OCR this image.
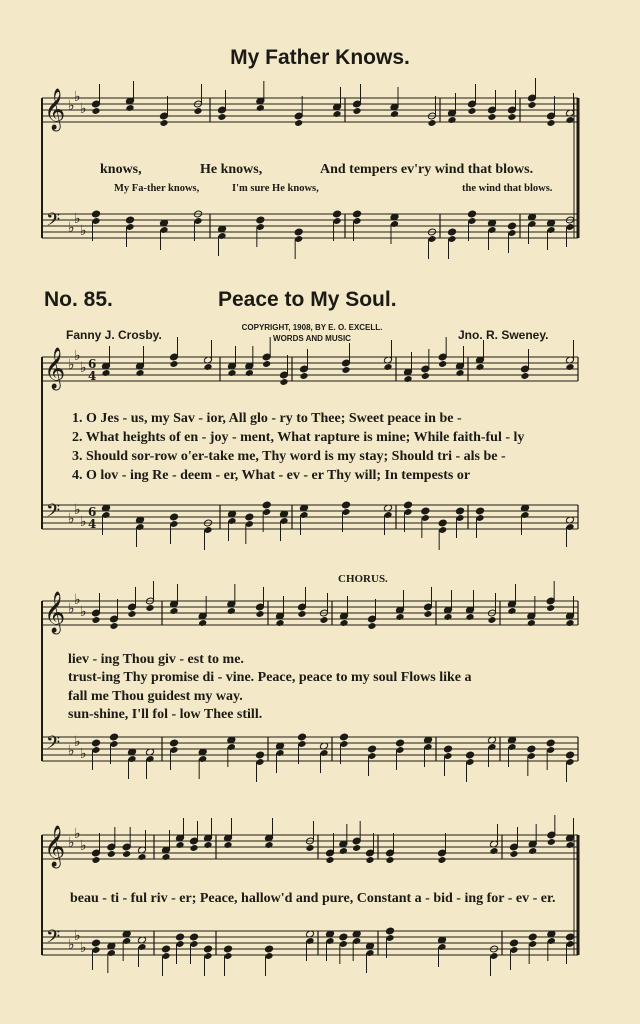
𝄞
𝄢
♭
♭
♭
♭
♭
♭
𝄞
𝄢
♭
♭
♭
♭
♭
♭
6
4
6
4
𝄞
𝄢
♭
♭
♭
♭
♭
♭
𝄞
𝄢
♭
♭
♭
♭
♭
♭
My Father Knows.
knows,	He knows,	And tempers ev'ry wind that blows.
My Fa-ther knows,	I'm sure He knows,	the wind that blows.
No. 85.	Peace to My Soul.
Fanny J. Crosby.
COPYRIGHT, 1908, BY E. O. EXCELL.
WORDS AND MUSIC	Jno. R. Sweney.
1. O Jes - us, my Sav - ior, All glo - ry to Thee; Sweet peace in be -
2. What heights of en - joy - ment, What rapture is mine; While faith-ful - ly
3. Should sor-row o'er-take me, Thy word is my stay; Should tri - als be -
4. O lov - ing Re - deem - er, What - ev - er Thy will; In tempests or
CHORUS.
liev - ing Thou giv - est to me.
trust-ing Thy promise di - vine. Peace, peace to my soul Flows like a
fall me Thou guidest my way.
sun-shine, I'll fol - low Thee still.
beau - ti - ful riv - er; Peace, hallow'd and pure, Constant a - bid - ing for - ev - er.
